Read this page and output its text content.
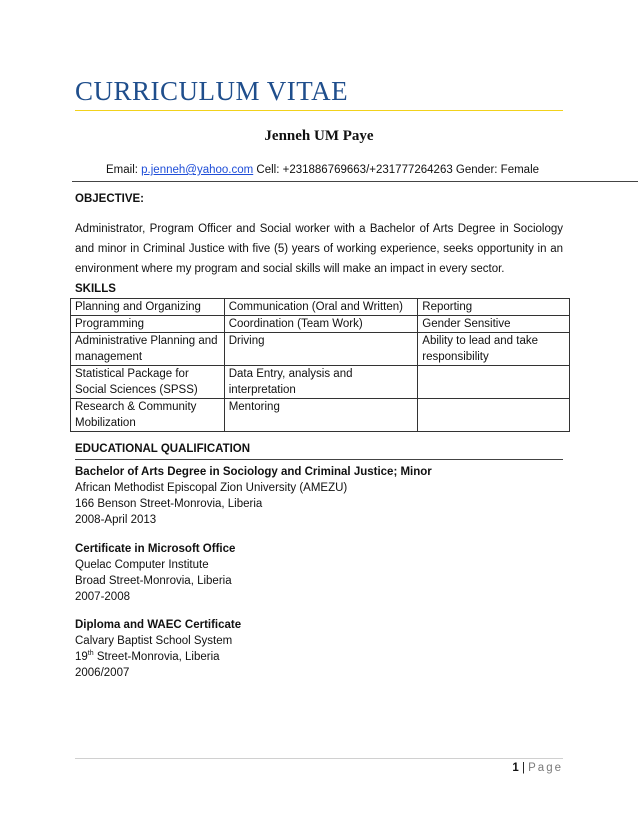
CURRICULUM VITAE
Jenneh UM Paye
Email: p.jenneh@yahoo.com Cell: +231886769663/+231777264263 Gender: Female
OBJECTIVE:
Administrator, Program Officer and Social worker with a Bachelor of Arts Degree in Sociology and minor in Criminal Justice with five (5) years of working experience, seeks opportunity in an environment where my program and social skills will make an impact in every sector.
SKILLS
Planning and Organizing	Communication (Oral and Written)	Reporting
Programming	Coordination (Team Work)	Gender Sensitive
Administrative Planning and management	Driving	Ability to lead and take responsibility
Statistical Package for Social Sciences (SPSS)	Data Entry, analysis and interpretation	
Research & Community Mobilization	Mentoring	
EDUCATIONAL QUALIFICATION
Bachelor of Arts Degree in Sociology and Criminal Justice; Minor
African Methodist Episcopal Zion University (AMEZU)
166 Benson Street-Monrovia, Liberia
2008-April 2013
Certificate in Microsoft Office
Quelac Computer Institute
Broad Street-Monrovia, Liberia
2007-2008
Diploma and WAEC Certificate
Calvary Baptist School System
19th Street-Monrovia, Liberia
2006/2007
1 | Page
